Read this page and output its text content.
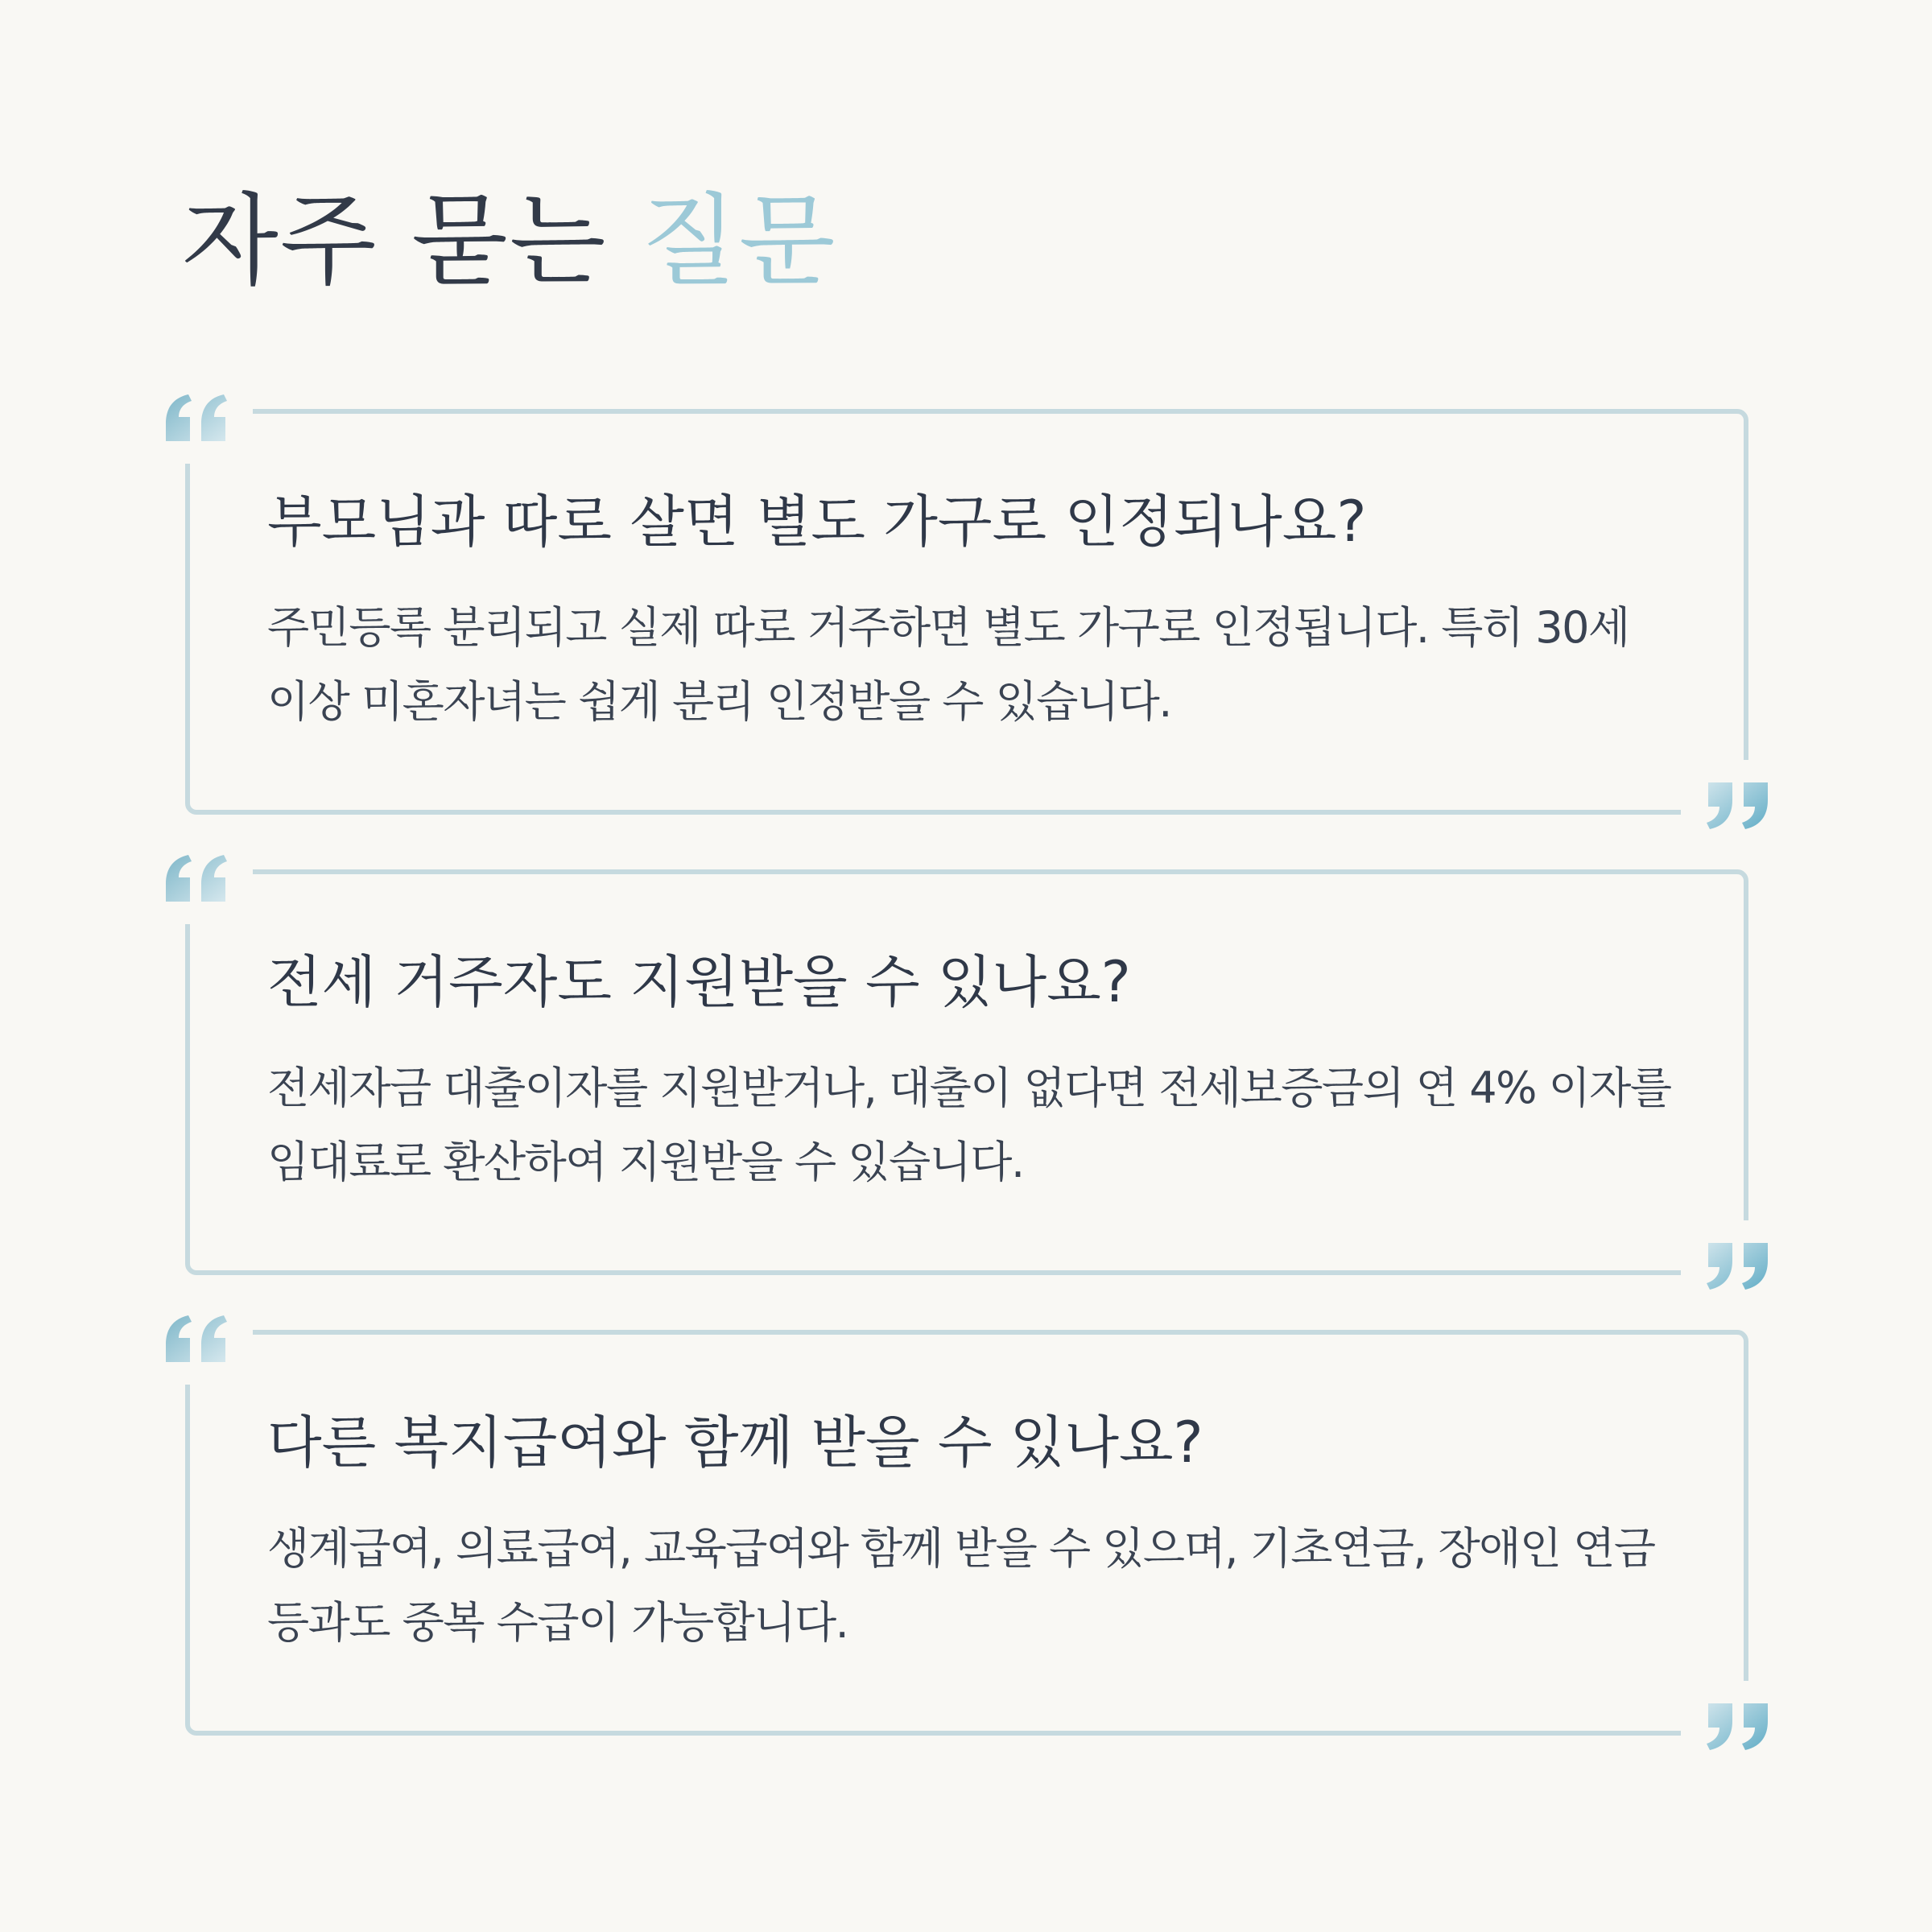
자주 묻는 질문
부모님과 따로 살면 별도 가구로 인정되나요?

주민등록 분리되고 실제 따로 거주하면 별도 가구로 인정됩니다. 특히 30세 이상 미혼자녀는 쉽게 분리 인정받을 수 있습니다.

전세 거주자도 지원받을 수 있나요?

전세자금 대출이자를 지원받거나, 대출이 없다면 전세보증금의 연 4% 이자를 임대료로 환산하여 지원받을 수 있습니다.

다른 복지급여와 함께 받을 수 있나요?

생계급여, 의료급여, 교육급여와 함께 받을 수 있으며, 기초연금, 장애인 연금 등과도 중복 수급이 가능합니다.
